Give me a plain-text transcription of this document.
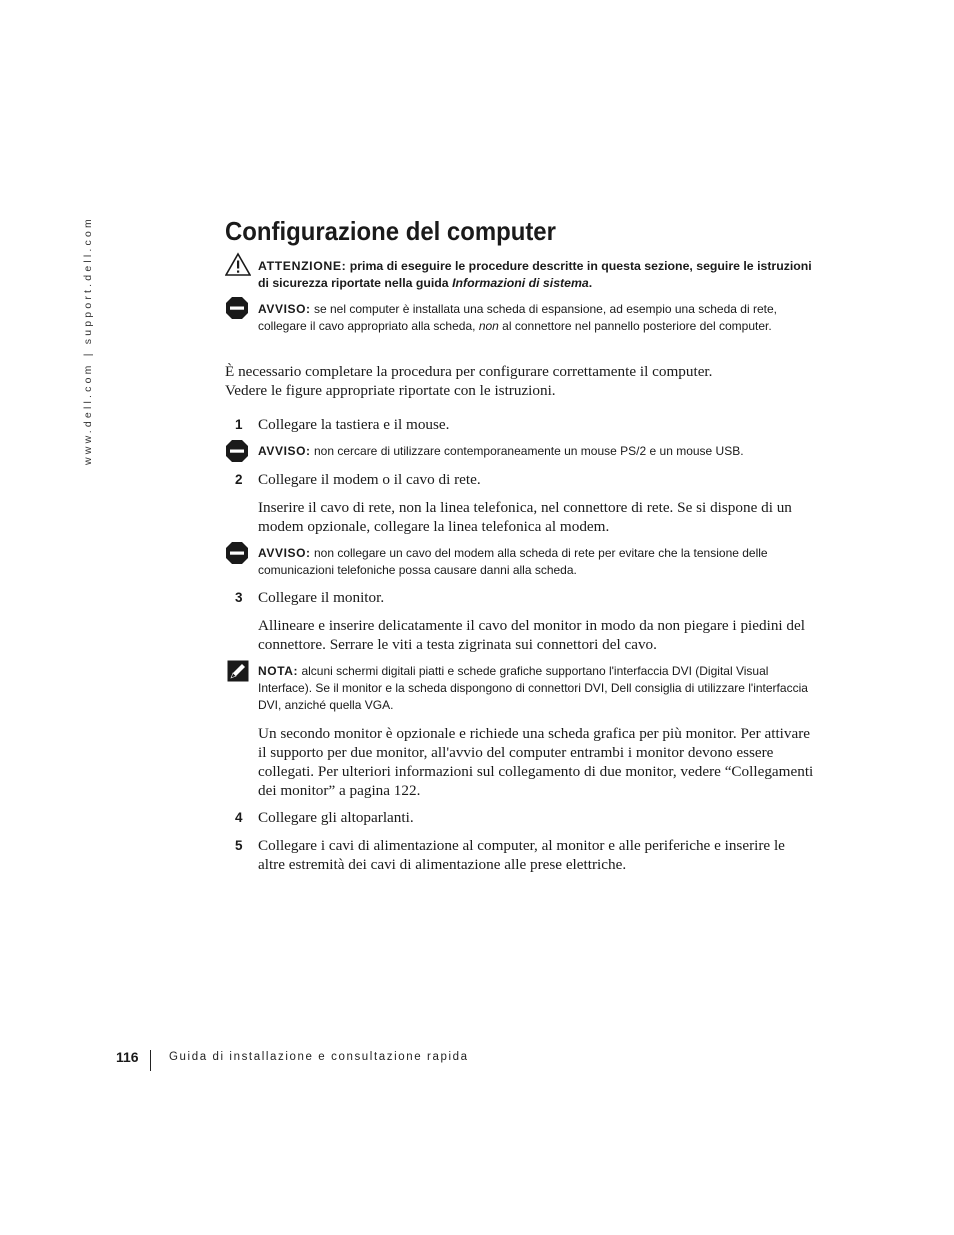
www.dell.com | support.dell.com	Configurazione del computer
ATTENZIONE: prima di eseguire le procedure descritte in questa sezione, seguire le istruzioni di sicurezza riportate nella guida Informazioni di sistema.
AVVISO: se nel computer è installata una scheda di espansione, ad esempio una scheda di rete, collegare il cavo appropriato alla scheda, non al connettore nel pannello posteriore del computer.
È necessario completare la procedura per configurare correttamente il computer. Vedere le figure appropriate riportate con le istruzioni.
1 Collegare la tastiera e il mouse.
AVVISO: non cercare di utilizzare contemporaneamente un mouse PS/2 e un mouse USB.
2 Collegare il modem o il cavo di rete.
Inserire il cavo di rete, non la linea telefonica, nel connettore di rete. Se si dispone di un modem opzionale, collegare la linea telefonica al modem.
AVVISO: non collegare un cavo del modem alla scheda di rete per evitare che la tensione delle comunicazioni telefoniche possa causare danni alla scheda.
3 Collegare il monitor.
Allineare e inserire delicatamente il cavo del monitor in modo da non piegare i piedini del connettore. Serrare le viti a testa zigrinata sui connettori del cavo.
NOTA: alcuni schermi digitali piatti e schede grafiche supportano l'interfaccia DVI (Digital Visual Interface). Se il monitor e la scheda dispongono di connettori DVI, Dell consiglia di utilizzare l'interfaccia DVI, anziché quella VGA.
Un secondo monitor è opzionale e richiede una scheda grafica per più monitor. Per attivare il supporto per due monitor, all'avvio del computer entrambi i monitor devono essere collegati. Per ulteriori informazioni sul collegamento di due monitor, vedere “Collegamenti dei monitor” a pagina 122.
4 Collegare gli altoparlanti.
5 Collegare i cavi di alimentazione al computer, al monitor e alle periferiche e inserire le altre estremità dei cavi di alimentazione alle prese elettriche.
116	Guida di installazione e consultazione rapida
